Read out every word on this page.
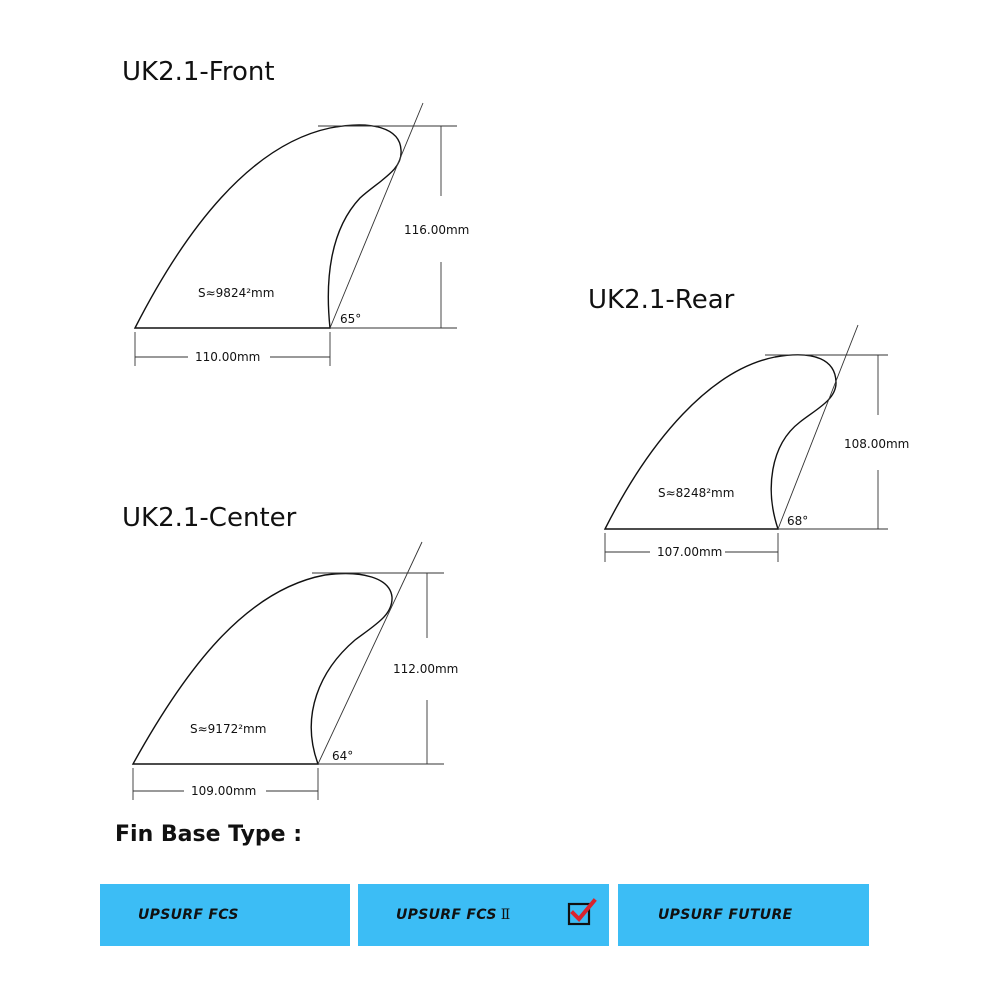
UK2.1-Front
116.00mm
110.00mm
S≈9824²mm
65°
UK2.1-Rear
108.00mm
107.00mm
S≈8248²mm
68°
UK2.1-Center
112.00mm
109.00mm
S≈9172²mm
64°
Fin Base Type :
UPSURF FCS	UPSURF FCS Ⅱ	UPSURF FUTURE
